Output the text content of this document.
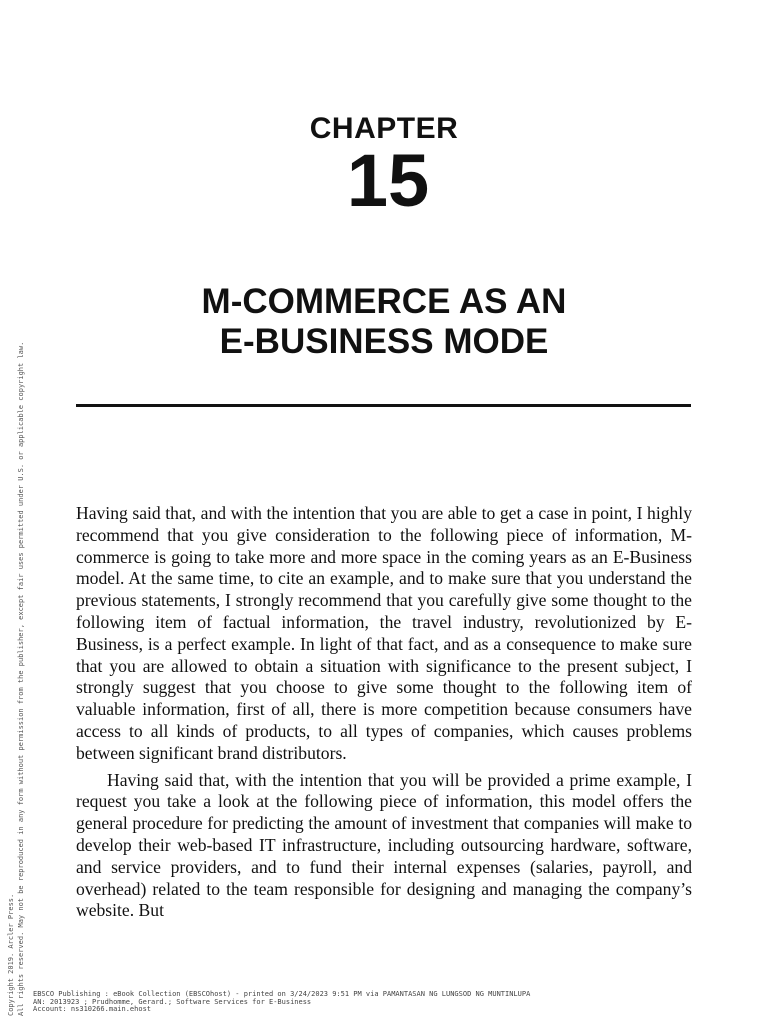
CHAPTER
15
M-COMMERCE AS AN
E-BUSINESS MODE

Having said that, and with the intention that you are able to get a case in point, I highly recommend that you give consideration to the following piece of information, M-commerce is going to take more and more space in the coming years as an E-Business model. At the same time, to cite an example, and to make sure that you understand the previous statements, I strongly recommend that you carefully give some thought to the following item of factual information, the travel industry, revolutionized by E-Business, is a perfect example. In light of that fact, and as a consequence to make sure that you are allowed to obtain a situation with significance to the present subject, I strongly suggest that you choose to give some thought to the following item of valuable information, first of all, there is more competition because consumers have access to all kinds of products, to all types of companies, which causes problems between significant brand distributors.

Having said that, with the intention that you will be provided a prime example, I request you take a look at the following piece of information, this model offers the general procedure for predicting the amount of investment that companies will make to develop their web-based IT infrastructure, including outsourcing hardware, software, and service providers, and to fund their internal expenses (salaries, payroll, and overhead) related to the team responsible for designing and managing the company’s website. But

Copyright 2019. Arcler Press. All rights reserved. May not be reproduced in any form without permission from the publisher, except fair uses permitted under U.S. or applicable copyright law. EBSCO Publishing : eBook Collection (EBSCOhost) - printed on 3/24/2023 9:51 PM via PAMANTASAN NG LUNGSOD NG MUNTINLUPA
AN: 2013923 ; Prudhomme, Gerard.; Software Services for E-Business
Account: ns310266.main.ehost
